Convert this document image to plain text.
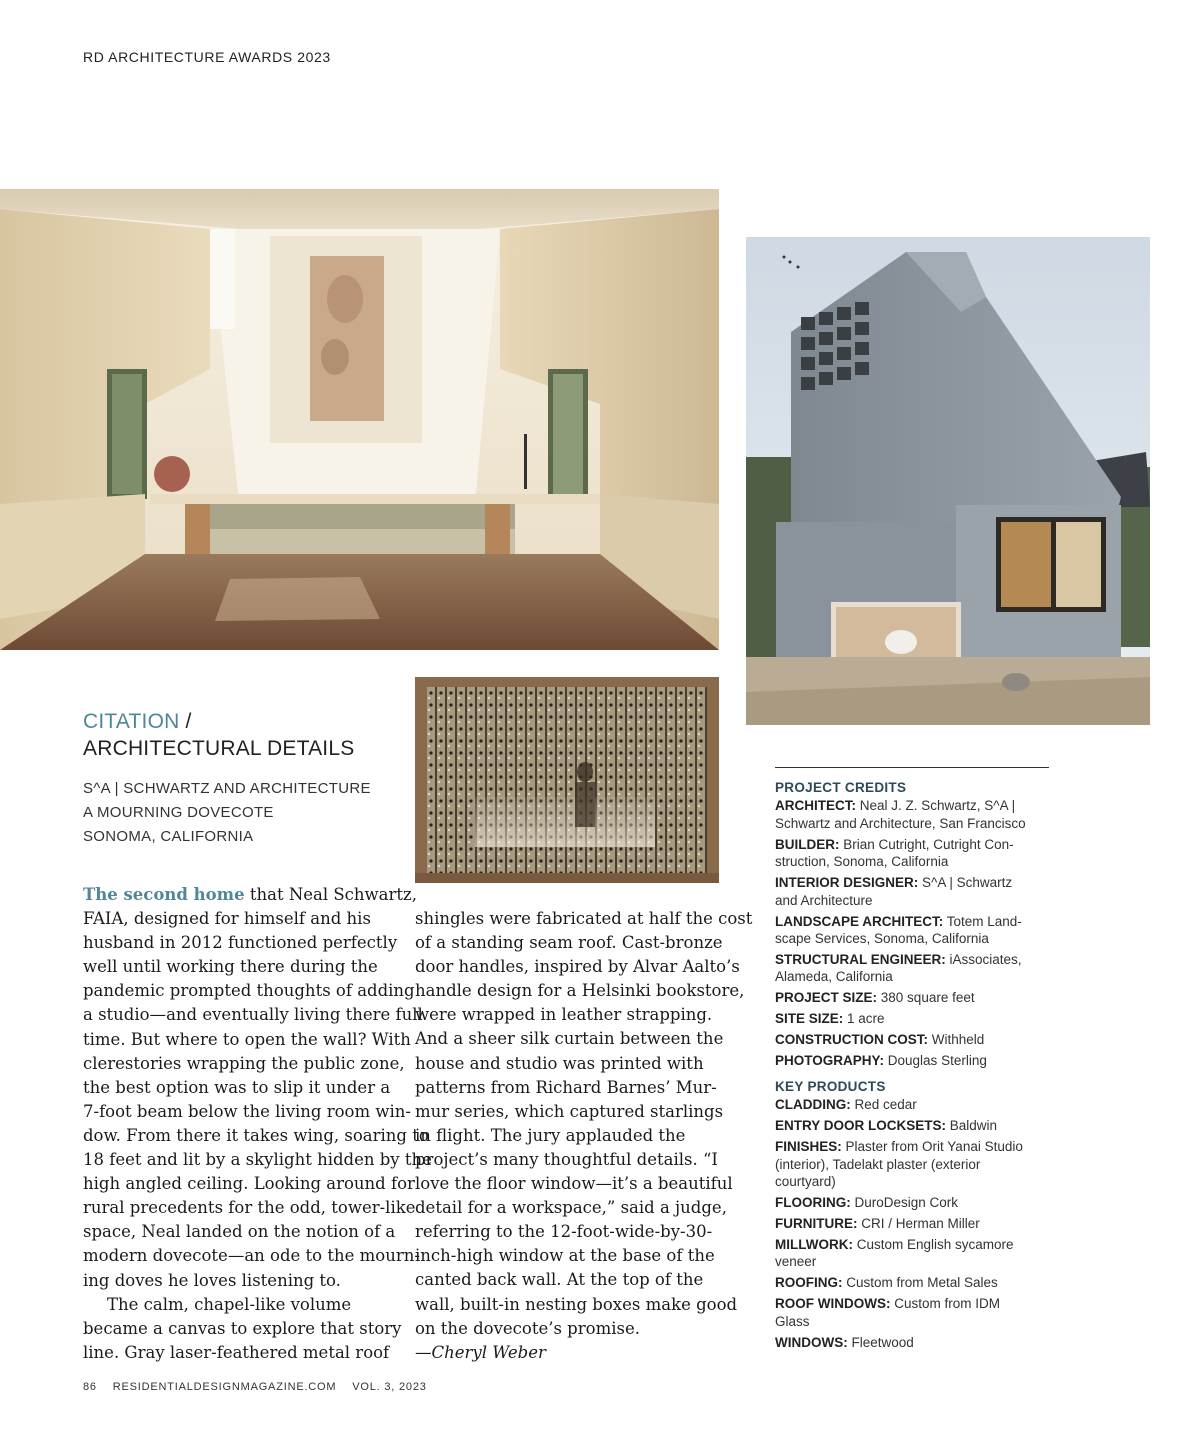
RD ARCHITECTURE AWARDS 2023
CITATION /
ARCHITECTURAL DETAILS
S^A | SCHWARTZ AND ARCHITECTURE
A MOURNING DOVECOTE
SONOMA, CALIFORNIA
The second home that Neal Schwartz,
FAIA, designed for himself and his
husband in 2012 functioned perfectly
well until working there during the
pandemic prompted thoughts of adding
a studio—and eventually living there full
time. But where to open the wall? With
clerestories wrapping the public zone,
the best option was to slip it under a
7-foot beam below the living room win-
dow. From there it takes wing, soaring to
18 feet and lit by a skylight hidden by the
high angled ceiling. Looking around for
rural precedents for the odd, tower-like
space, Neal landed on the notion of a
modern dovecote—an ode to the mourn-
ing doves he loves listening to.
The calm, chapel-like volume
became a canvas to explore that story
line. Gray laser-feathered metal roof
shingles were fabricated at half the cost
of a standing seam roof. Cast-bronze
door handles, inspired by Alvar Aalto’s
handle design for a Helsinki bookstore,
were wrapped in leather strapping.
And a sheer silk curtain between the
house and studio was printed with
patterns from Richard Barnes’ Mur-
mur series, which captured starlings
in flight. The jury applauded the
project’s many thoughtful details. “I
love the floor window—it’s a beautiful
detail for a workspace,” said a judge,
referring to the 12-foot-wide-by-30-
inch-high window at the base of the
canted back wall. At the top of the
wall, built-in nesting boxes make good
on the dovecote’s promise.
—Cheryl Weber
PROJECT CREDITS
ARCHITECT: Neal J. Z. Schwartz, S^A |
Schwartz and Architecture, San Francisco
BUILDER: Brian Cutright, Cutright Con-
struction, Sonoma, California
INTERIOR DESIGNER: S^A | Schwartz
and Architecture
LANDSCAPE ARCHITECT: Totem Land-
scape Services, Sonoma, California
STRUCTURAL ENGINEER: iAssociates,
Alameda, California
PROJECT SIZE: 380 square feet
SITE SIZE: 1 acre
CONSTRUCTION COST: Withheld
PHOTOGRAPHY: Douglas Sterling
KEY PRODUCTS
CLADDING: Red cedar
ENTRY DOOR LOCKSETS: Baldwin
FINISHES: Plaster from Orit Yanai Studio
(interior), Tadelakt plaster (exterior
courtyard)
FLOORING: DuroDesign Cork
FURNITURE: CRI / Herman Miller
MILLWORK: Custom English sycamore
veneer
ROOFING: Custom from Metal Sales
ROOF WINDOWS: Custom from IDM
Glass
WINDOWS: Fleetwood
86 RESIDENTIALDESIGNMAGAZINE.COM VOL. 3, 2023
